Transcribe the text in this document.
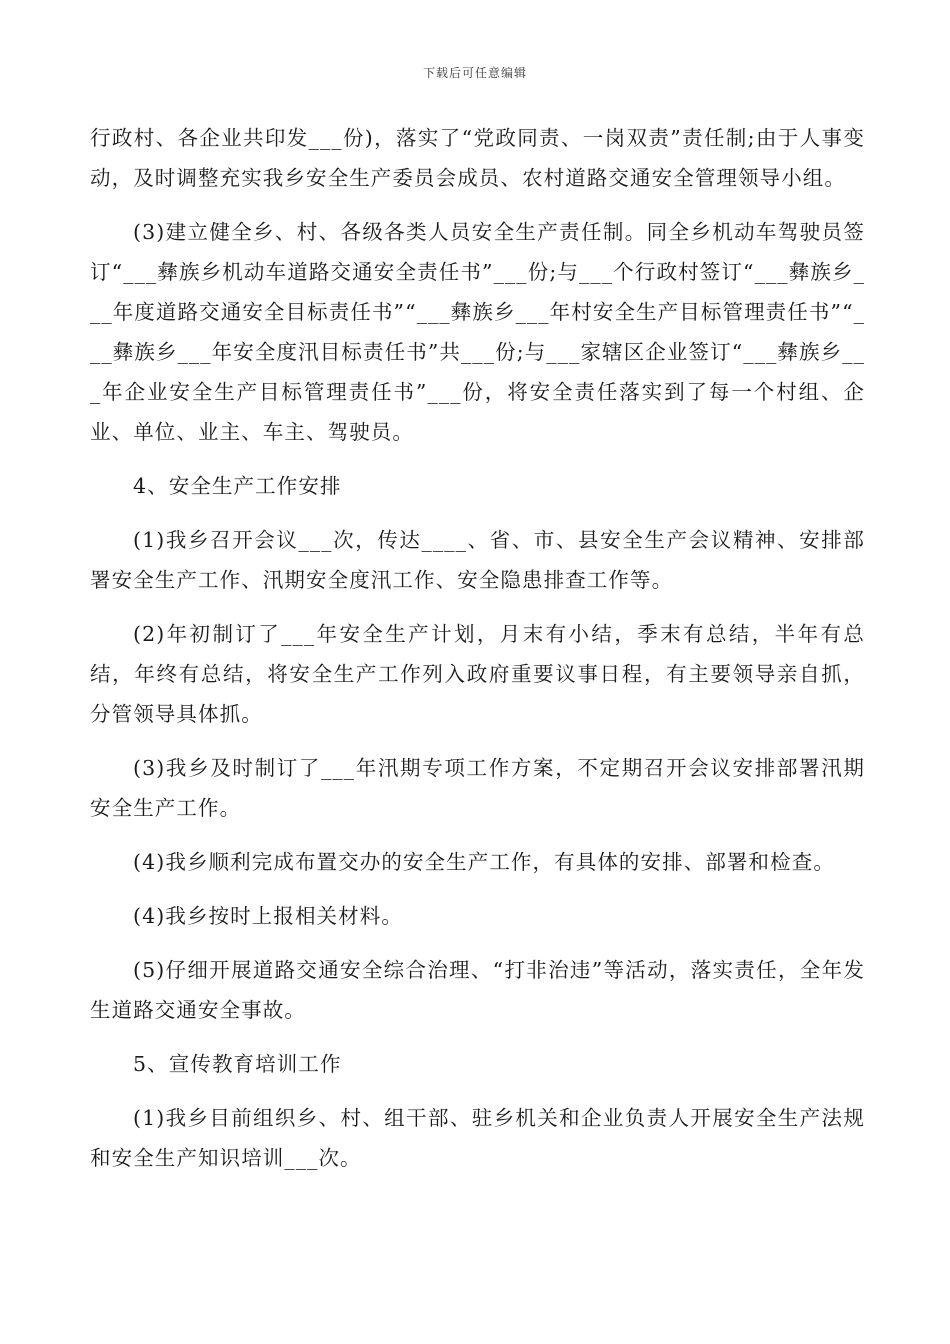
下载后可任意编辑

行政村、各企业共印发___份)，落实了“党政同责、一岗双责”责任制;由于人事变动，及时调整充实我乡安全生产委员会成员、农村道路交通安全管理领导小组。

(3)建立健全乡、村、各级各类人员安全生产责任制。同全乡机动车驾驶员签订“___彝族乡机动车道路交通安全责任书”___份;与___个行政村签订“___彝族乡___年度道路交通安全目标责任书”“___彝族乡___年村安全生产目标管理责任书”“___彝族乡___年安全度汛目标责任书”共___份;与___家辖区企业签订“___彝族乡___年企业安全生产目标管理责任书”___份，将安全责任落实到了每一个村组、企业、单位、业主、车主、驾驶员。

4、安全生产工作安排

(1)我乡召开会议___次，传达____、省、市、县安全生产会议精神、安排部署安全生产工作、汛期安全度汛工作、安全隐患排查工作等。

(2)年初制订了___年安全生产计划，月末有小结，季末有总结，半年有总结，年终有总结，将安全生产工作列入政府重要议事日程，有主要领导亲自抓，分管领导具体抓。

(3)我乡及时制订了___年汛期专项工作方案，不定期召开会议安排部署汛期安全生产工作。

(4)我乡顺利完成布置交办的安全生产工作，有具体的安排、部署和检查。

(4)我乡按时上报相关材料。

(5)仔细开展道路交通安全综合治理、“打非治违”等活动，落实责任，全年发生道路交通安全事故。

5、宣传教育培训工作

(1)我乡目前组织乡、村、组干部、驻乡机关和企业负责人开展安全生产法规和安全生产知识培训___次。
